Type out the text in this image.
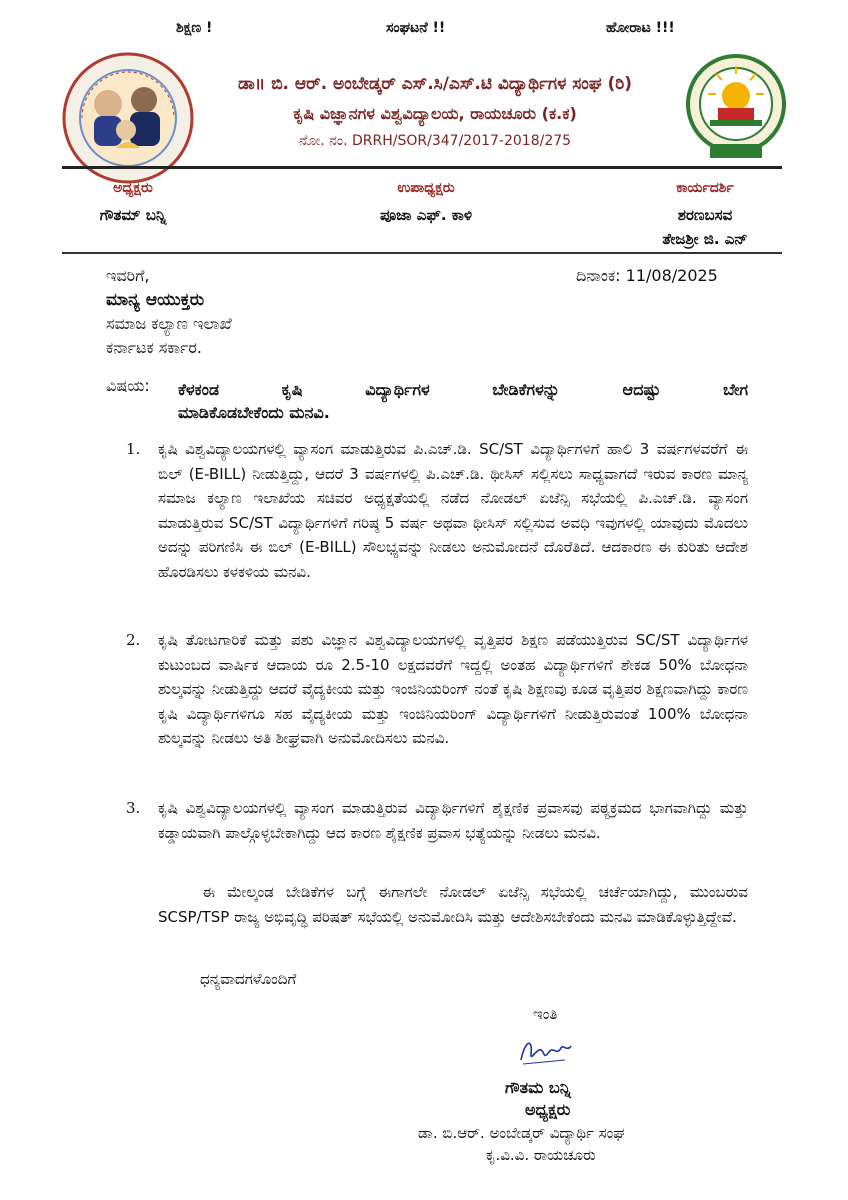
ಶಿಕ್ಷಣ !	ಸಂಘಟನೆ !!	ಹೋರಾಟ !!!
ಡಾ॥ ಬಿ. ಆರ್. ಅಂಬೇಡ್ಕರ್ ಎಸ್.ಸಿ/ಎಸ್.ಟಿ ವಿದ್ಯಾರ್ಥಿಗಳ ಸಂಘ (ರಿ)
ಕೃಷಿ ವಿಜ್ಞಾನಗಳ ವಿಶ್ವವಿದ್ಯಾಲಯ, ರಾಯಚೂರು (ಕ.ಕ)
ನೋ. ನಂ. DRRH/SOR/347/2017-2018/275
ಅಧ್ಯಕ್ಷರು
ಗೌತಮ್ ಬನ್ನಿ
ಉಪಾಧ್ಯಕ್ಷರು
ಪೂಜಾ ಎಫ್. ಕಾಳಿ
ಕಾರ್ಯದರ್ಶಿ
ಶರಣಬಸವ
ತೇಜಶ್ರೀ ಜಿ. ಎನ್
ಇವರಿಗೆ,	ದಿನಾಂಕ: 11/08/2025
ಮಾನ್ಯ ಆಯುಕ್ತರು
ಸಮಾಜ ಕಲ್ಯಾಣ ಇಲಾಖೆ
ಕರ್ನಾಟಕ ಸರ್ಕಾರ.
ವಿಷಯ: ಕೆಳಕಂಡ ಕೃಷಿ ವಿದ್ಯಾರ್ಥಿಗಳ ಬೇಡಿಕೆಗಳನ್ನು ಆದಷ್ಟು ಬೇಗ
ಮಾಡಿಕೊಡಬೇಕೆಂದು ಮನವಿ.
1. ಕೃಷಿ ವಿಶ್ವವಿದ್ಯಾಲಯಗಳಲ್ಲಿ ವ್ಯಾಸಂಗ ಮಾಡುತ್ತಿರುವ ಪಿ.ಎಚ್.ಡಿ. SC/ST ವಿದ್ಯಾರ್ಥಿಗಳಿಗೆ ಹಾಲಿ 3 ವರ್ಷಗಳವರೆಗೆ ಈ ಬಿಲ್ (E-BILL) ನೀಡುತ್ತಿದ್ದು, ಆದರೆ 3 ವರ್ಷಗಳಲ್ಲಿ ಪಿ.ಎಚ್.ಡಿ. ಥೀಸಿಸ್ ಸಲ್ಲಿಸಲು ಸಾಧ್ಯವಾಗದೆ ಇರುವ ಕಾರಣ ಮಾನ್ಯ ಸಮಾಜ ಕಲ್ಯಾಣ ಇಲಾಖೆಯ ಸಚಿವರ ಅಧ್ಯಕ್ಷತೆಯಲ್ಲಿ ನಡೆದ ನೋಡಲ್ ಏಜೆನ್ಸಿ ಸಭೆಯಲ್ಲಿ ಪಿ.ಎಚ್.ಡಿ. ವ್ಯಾಸಂಗ ಮಾಡುತ್ತಿರುವ SC/ST ವಿದ್ಯಾರ್ಥಿಗಳಿಗೆ ಗರಿಷ್ಠ 5 ವರ್ಷ ಅಥವಾ ಥೀಸಿಸ್ ಸಲ್ಲಿಸುವ ಅವಧಿ ಇವುಗಳಲ್ಲಿ ಯಾವುದು ಮೊದಲು ಅದನ್ನು ಪರಿಗಣಿಸಿ ಈ ಬಿಲ್ (E-BILL) ಸೌಲಭ್ಯವನ್ನು ನೀಡಲು ಅನುಮೋದನೆ ದೊರೆತಿದೆ. ಆದಕಾರಣ ಈ ಕುರಿತು ಆದೇಶ ಹೊರಡಿಸಲು ಕಳಕಳಿಯ ಮನವಿ.
2. ಕೃಷಿ ತೋಟಗಾರಿಕೆ ಮತ್ತು ಪಶು ವಿಜ್ಞಾನ ವಿಶ್ವವಿದ್ಯಾಲಯಗಳಲ್ಲಿ ವೃತ್ತಿಪರ ಶಿಕ್ಷಣ ಪಡೆಯುತ್ತಿರುವ SC/ST ವಿದ್ಯಾರ್ಥಿಗಳ ಕುಟುಂಬದ ವಾರ್ಷಿಕ ಆದಾಯ ರೂ 2.5-10 ಲಕ್ಷದವರೆಗೆ ಇದ್ದಲ್ಲಿ ಅಂತಹ ವಿದ್ಯಾರ್ಥಿಗಳಿಗೆ ಶೇಕಡ 50% ಬೋಧನಾ ಶುಲ್ಕವನ್ನು ನೀಡುತ್ತಿದ್ದು ಆದರೆ ವೈದ್ಯಕೀಯ ಮತ್ತು ಇಂಜಿನಿಯರಿಂಗ್ ನಂತೆ ಕೃಷಿ ಶಿಕ್ಷಣವು ಕೂಡ ವೃತ್ತಿಪರ ಶಿಕ್ಷಣವಾಗಿದ್ದು ಕಾರಣ ಕೃಷಿ ವಿದ್ಯಾರ್ಥಿಗಳಿಗೂ ಸಹ ವೈದ್ಯಕೀಯ ಮತ್ತು ಇಂಜಿನಿಯರಿಂಗ್ ವಿದ್ಯಾರ್ಥಿಗಳಿಗೆ ನೀಡುತ್ತಿರುವಂತೆ 100% ಬೋಧನಾ ಶುಲ್ಕವನ್ನು ನೀಡಲು ಅತಿ ಶೀಘ್ರವಾಗಿ ಅನುಮೋದಿಸಲು ಮನವಿ.
3. ಕೃಷಿ ವಿಶ್ವವಿದ್ಯಾಲಯಗಳಲ್ಲಿ ವ್ಯಾಸಂಗ ಮಾಡುತ್ತಿರುವ ವಿದ್ಯಾರ್ಥಿಗಳಿಗೆ ಶೈಕ್ಷಣಿಕ ಪ್ರವಾಸವು ಪಠ್ಯಕ್ರಮದ ಭಾಗವಾಗಿದ್ದು ಮತ್ತು ಕಡ್ಡಾಯವಾಗಿ ಪಾಲ್ಗೊಳ್ಳಬೇಕಾಗಿದ್ದು ಆದ ಕಾರಣ ಶೈಕ್ಷಣಿಕ ಪ್ರವಾಸ ಭತ್ಯೆಯನ್ನು ನೀಡಲು ಮನವಿ.
ಈ ಮೇಲ್ಕಂಡ ಬೇಡಿಕೆಗಳ ಬಗ್ಗೆ ಈಗಾಗಲೇ ನೋಡಲ್ ಏಜೆನ್ಸಿ ಸಭೆಯಲ್ಲಿ ಚರ್ಚೆಯಾಗಿದ್ದು, ಮುಂಬರುವ SCSP/TSP ರಾಜ್ಯ ಅಭಿವೃದ್ಧಿ ಪರಿಷತ್ ಸಭೆಯಲ್ಲಿ ಅನುಮೋದಿಸಿ ಮತ್ತು ಆದೇಶಿಸಬೇಕೆಂದು ಮನವಿ ಮಾಡಿಕೊಳ್ಳುತ್ತಿದ್ದೇವೆ.
ಧನ್ಯವಾದಗಳೊಂದಿಗೆ
ಇಂತಿ
ಗೌತಮ ಬನ್ನಿ
ಅಧ್ಯಕ್ಷರು
ಡಾ. ಬಿ.ಆರ್. ಅಂಬೇಡ್ಕರ್ ವಿದ್ಯಾರ್ಥಿ ಸಂಘ
ಕೃ.ವಿ.ವಿ. ರಾಯಚೂರು
